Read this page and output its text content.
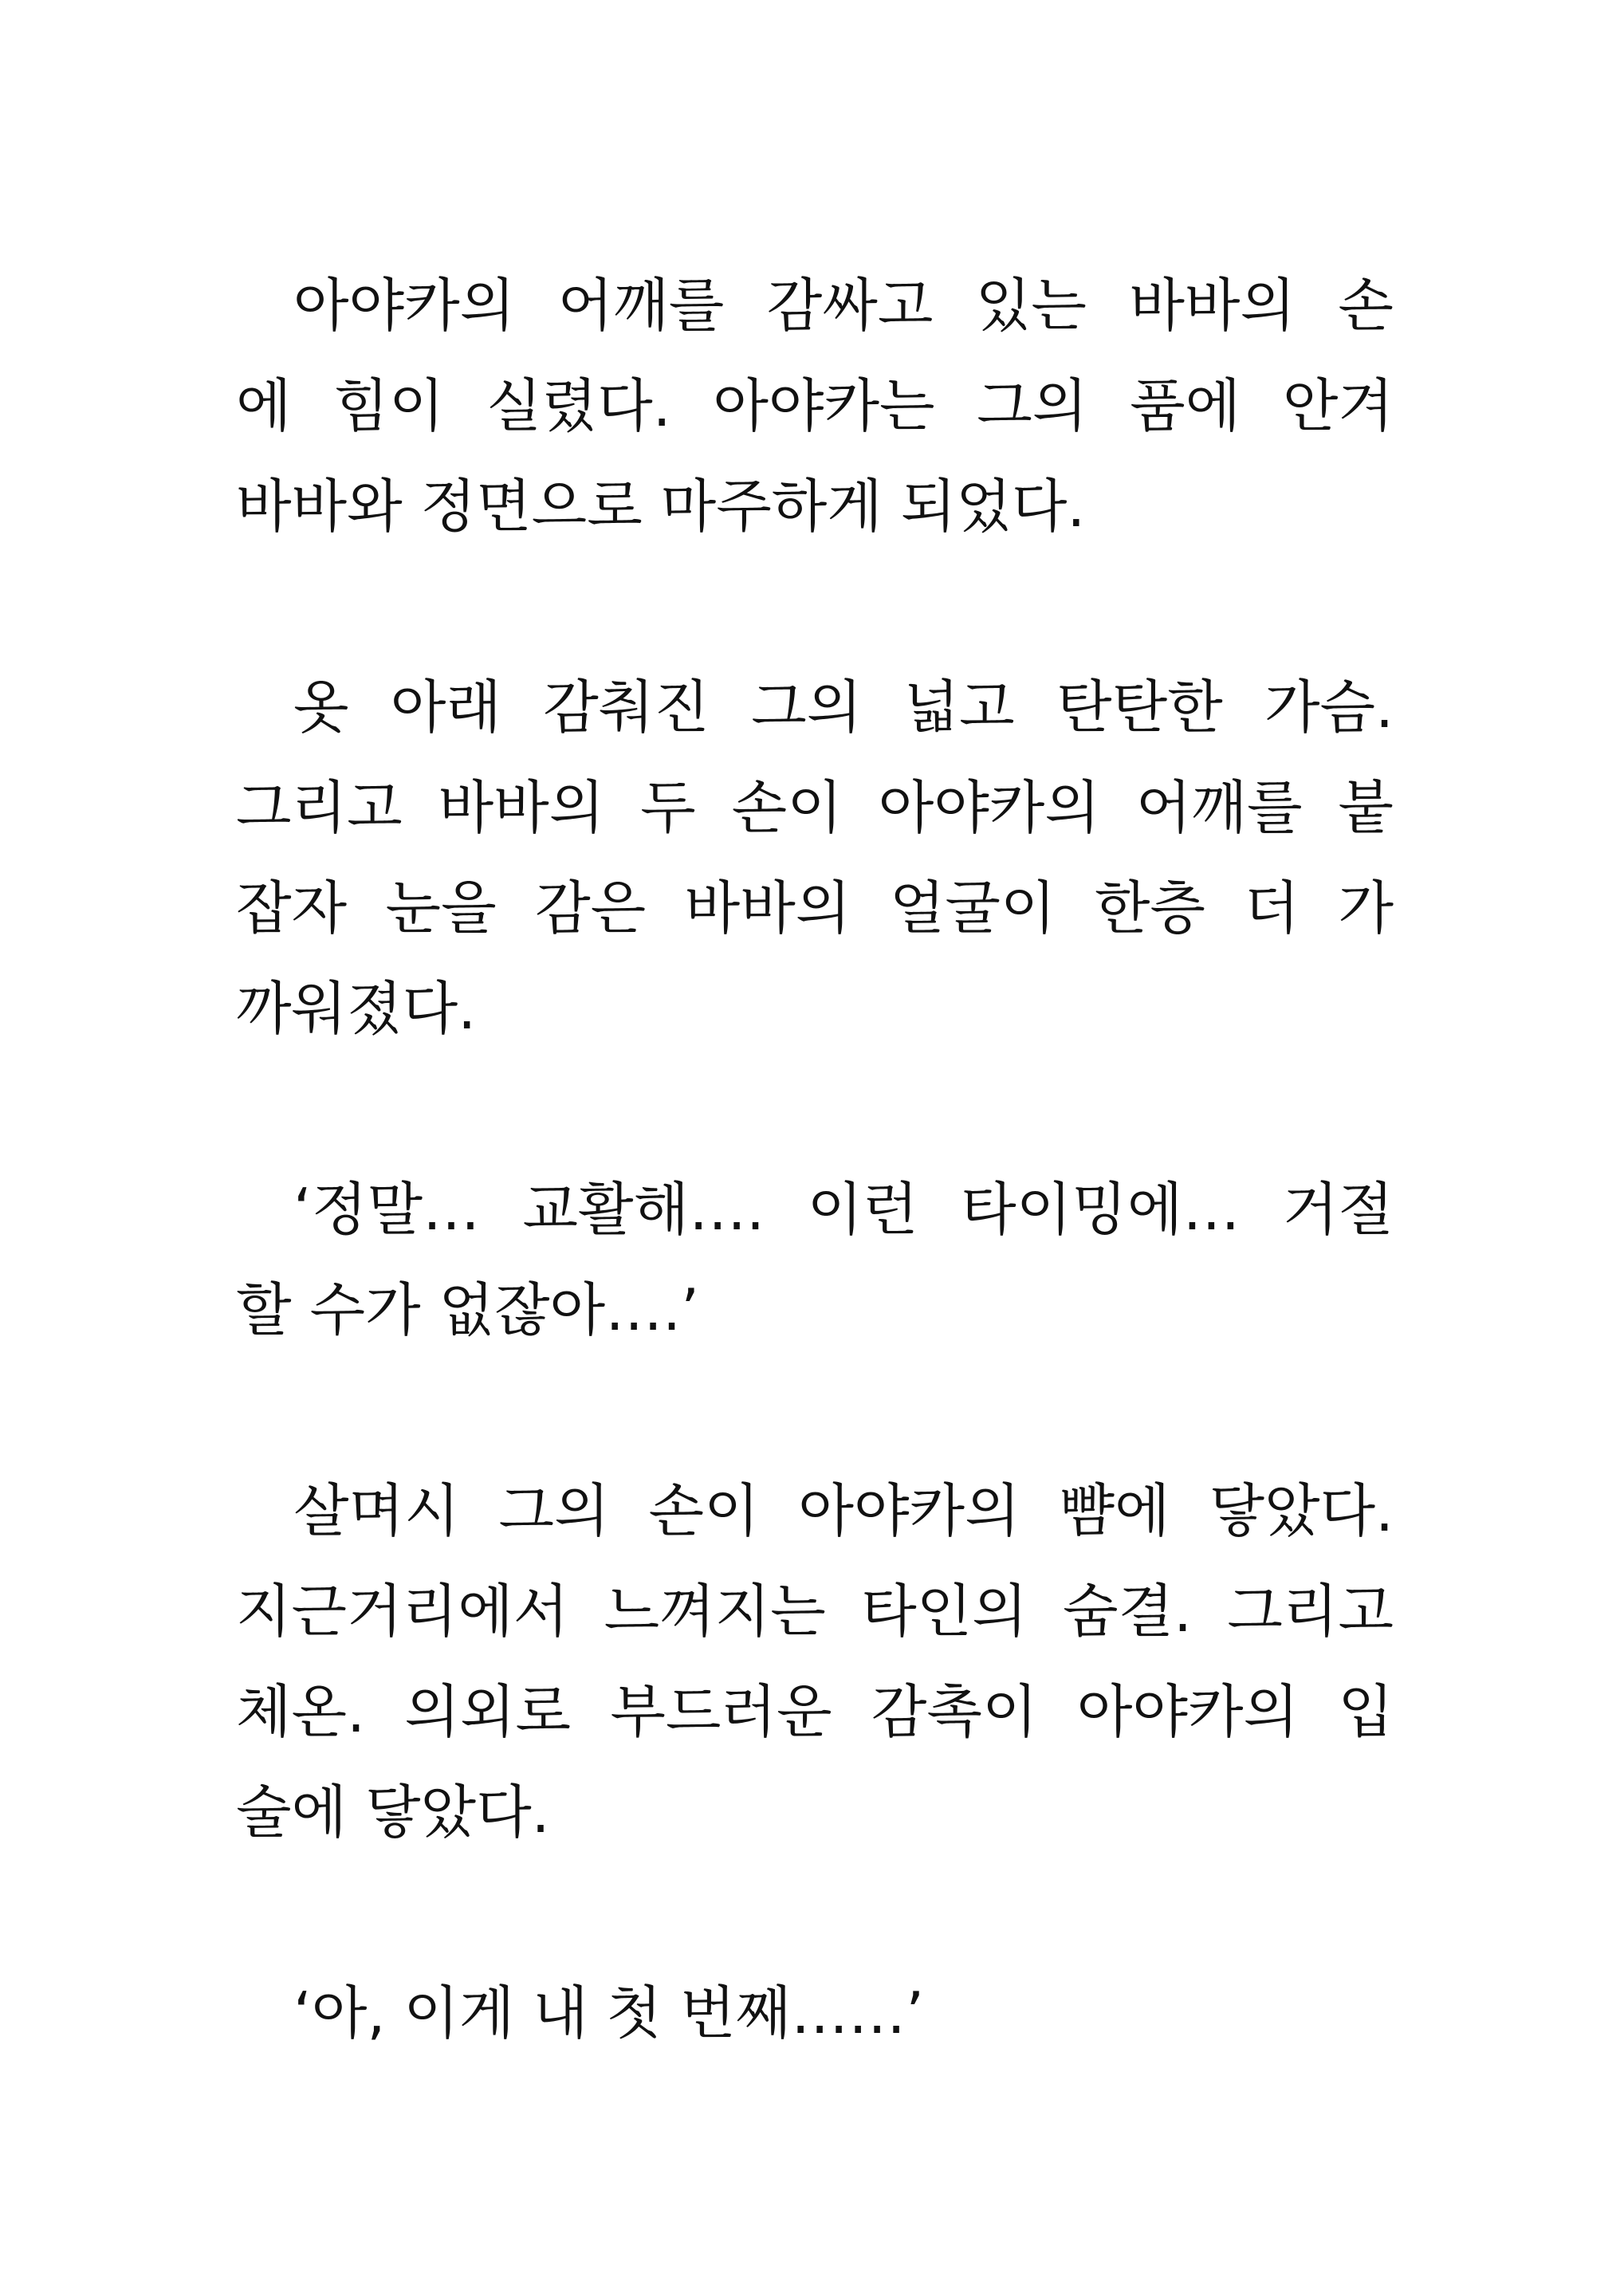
아야카의 어깨를 감싸고 있는 바바의 손
에 힘이 실렸다. 아야카는 그의 품에 안겨
바바와 정면으로 마주하게 되었다.

옷 아래 감춰진 그의 넓고 탄탄한 가슴.
그리고 바바의 두 손이 아야카의 어깨를 붙
잡자 눈을 감은 바바의 얼굴이 한층 더 가
까워졌다.

‘정말… 교활해…. 이런 타이밍에… 거절
할 수가 없잖아….’

살며시 그의 손이 아야카의 뺨에 닿았다.
지근거리에서 느껴지는 타인의 숨결. 그리고
체온. 의외로 부드러운 감촉이 아야카의 입
술에 닿았다.

‘아, 이게 내 첫 번째……’
